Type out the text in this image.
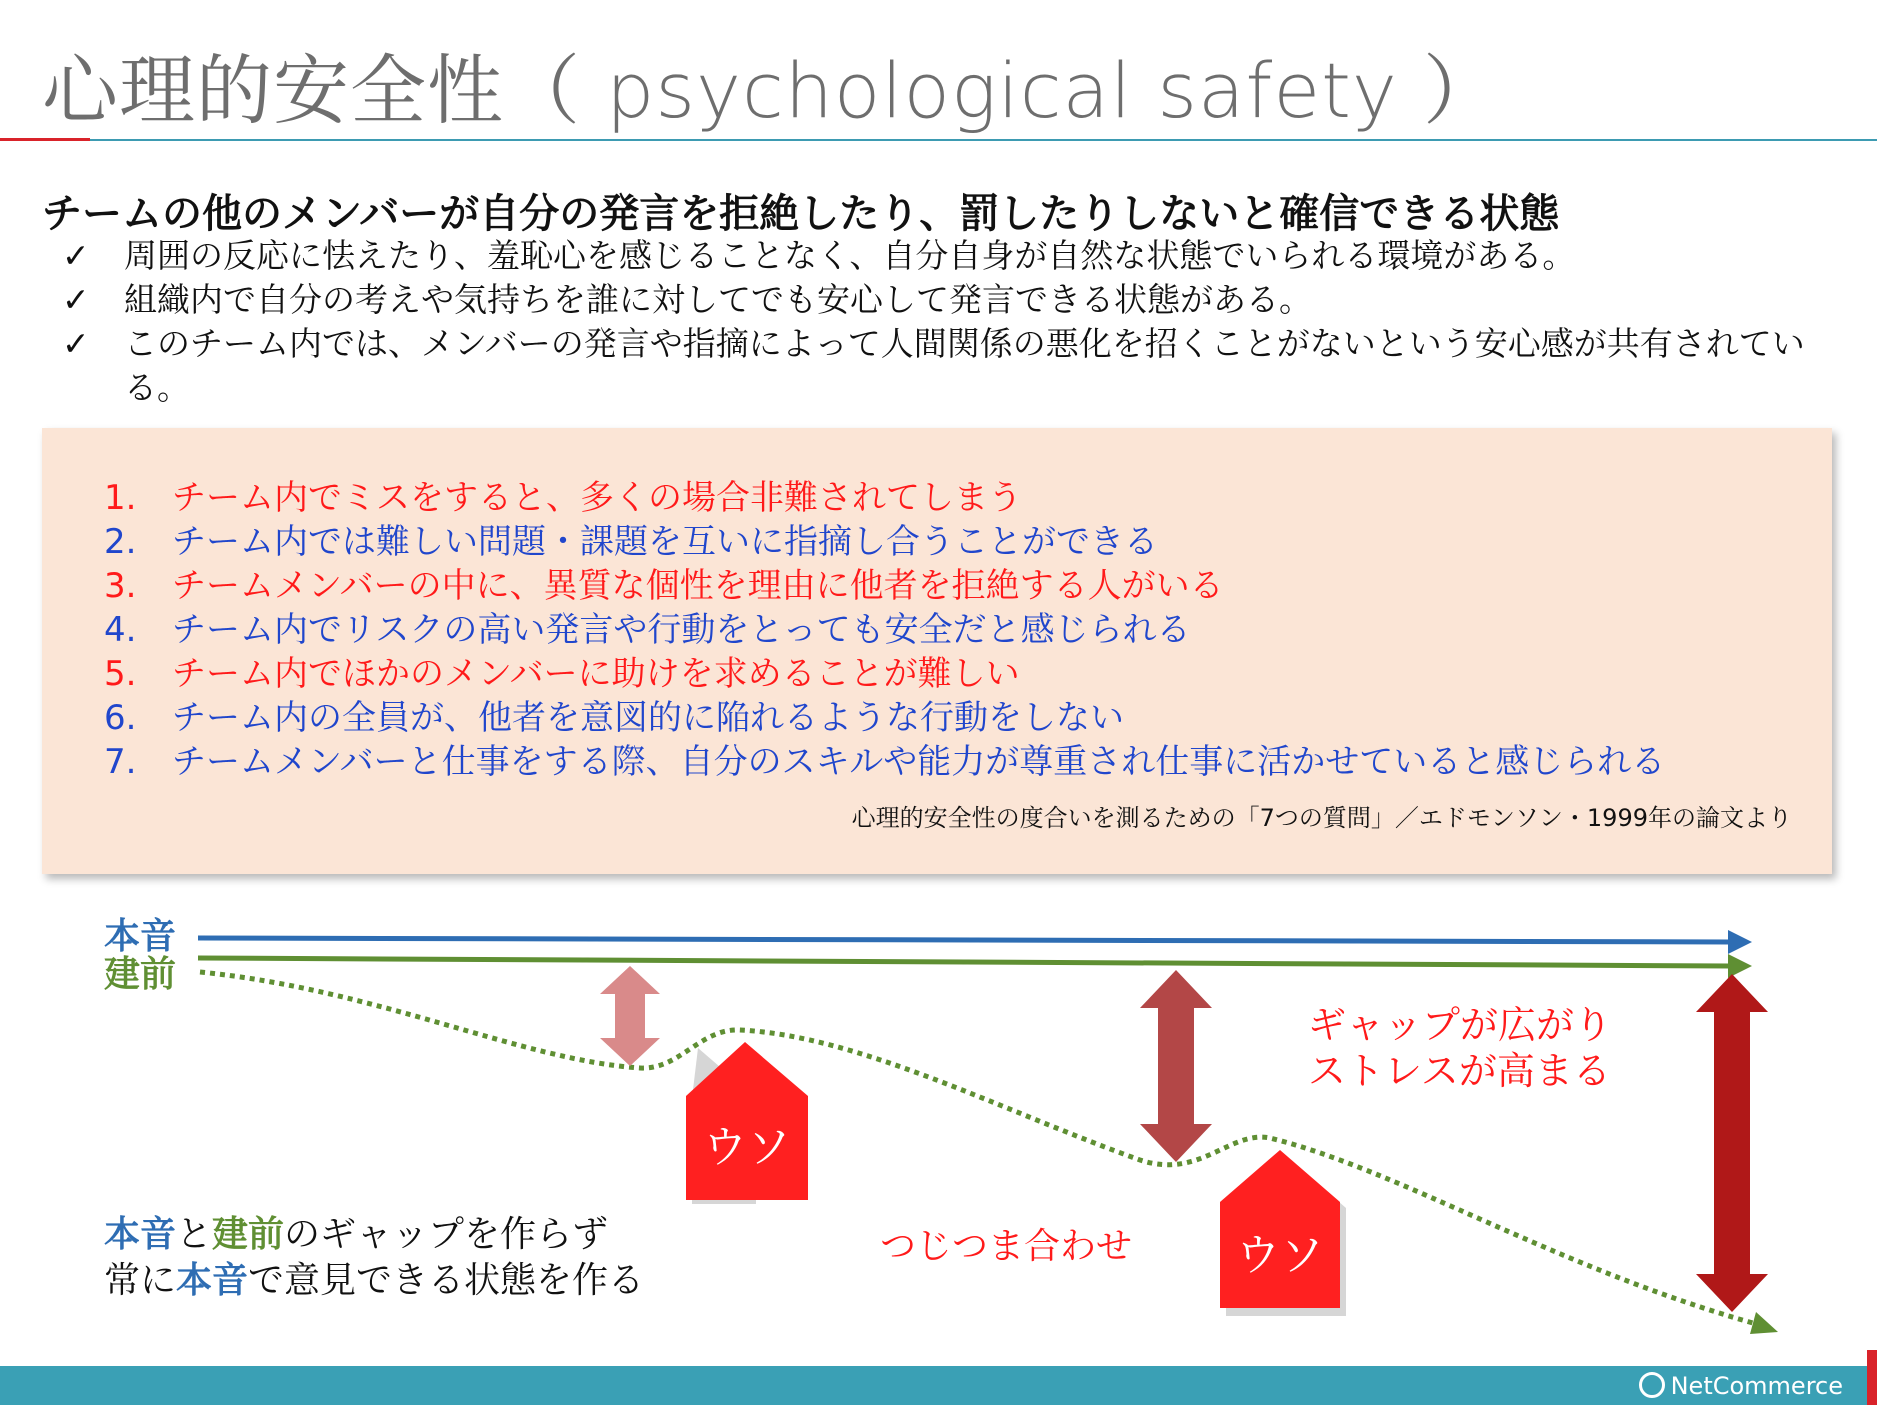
心理的安全性（ psychological safety ）
チームの他のメンバーが自分の発言を拒絶したり、罰したりしないと確信できる状態
✓	周囲の反応に怯えたり、羞恥心を感じることなく、自分自身が自然な状態でいられる環境がある。
✓	組織内で自分の考えや気持ちを誰に対してでも安心して発言できる状態がある。
✓	このチーム内では、メンバーの発言や指摘によって人間関係の悪化を招くことがないという安心感が共有されている。
1. チーム内でミスをすると、多くの場合非難されてしまう
2. チーム内では難しい問題・課題を互いに指摘し合うことができる
3. チームメンバーの中に、異質な個性を理由に他者を拒絶する人がいる
4. チーム内でリスクの高い発言や行動をとっても安全だと感じられる
5. チーム内でほかのメンバーに助けを求めることが難しい
6. チーム内の全員が、他者を意図的に陥れるような行動をしない
7. チームメンバーと仕事をする際、自分のスキルや能力が尊重され仕事に活かせていると感じられる
心理的安全性の度合いを測るための「7つの質問」／エドモンソン・1999年の論文より
ウソ
ウソ
本音
建前
ギャップが広がり
ストレスが高まる
つじつま合わせ
本音と建前のギャップを作らず
常に本音で意見できる状態を作る
NetCommerce
